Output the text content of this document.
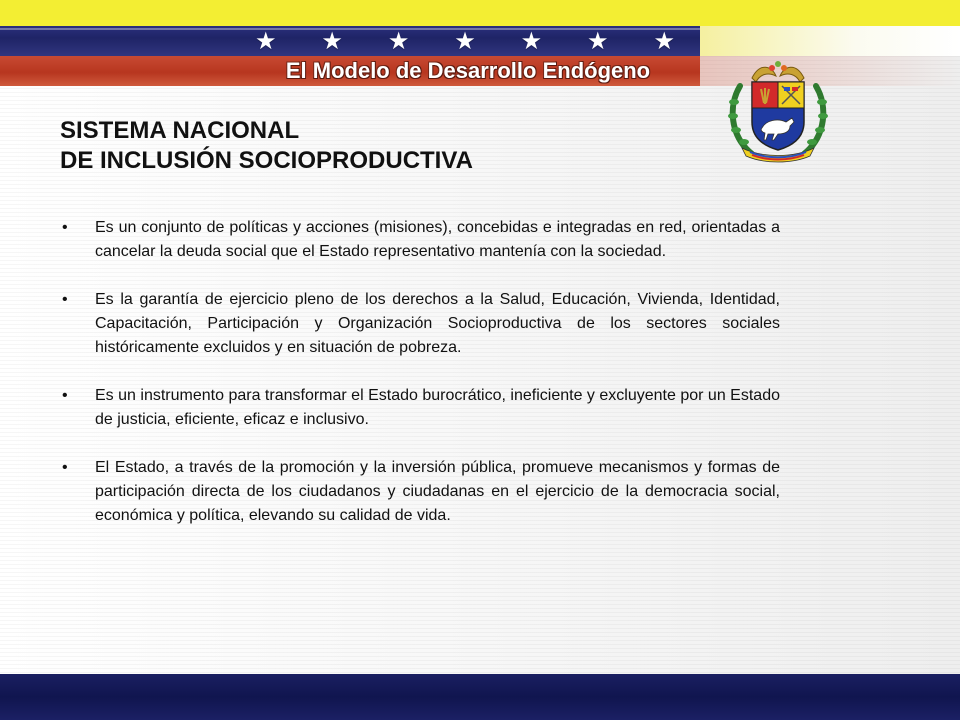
★ ★ ★ ★ ★ ★ ★
El Modelo de Desarrollo Endógeno
SISTEMA NACIONAL
DE INCLUSIÓN SOCIOPRODUCTIVA
•	Es un conjunto de políticas y acciones (misiones), concebidas e integradas en red, orientadas a cancelar la deuda social que el Estado representativo mantenía con la sociedad.
•	Es la garantía de ejercicio pleno de los derechos a la Salud, Educación, Vivienda, Identidad, Capacitación, Participación y Organización Socioproductiva de los sectores sociales históricamente excluidos y en situación de pobreza.
•	Es un instrumento para transformar el Estado burocrático, ineficiente y excluyente por un Estado de justicia, eficiente, eficaz e inclusivo.
•	El Estado, a través de la promoción y la inversión pública, promueve mecanismos y formas de participación directa de los ciudadanos y ciudadanas en el ejercicio de la democracia social, económica y política, elevando su calidad de vida.
